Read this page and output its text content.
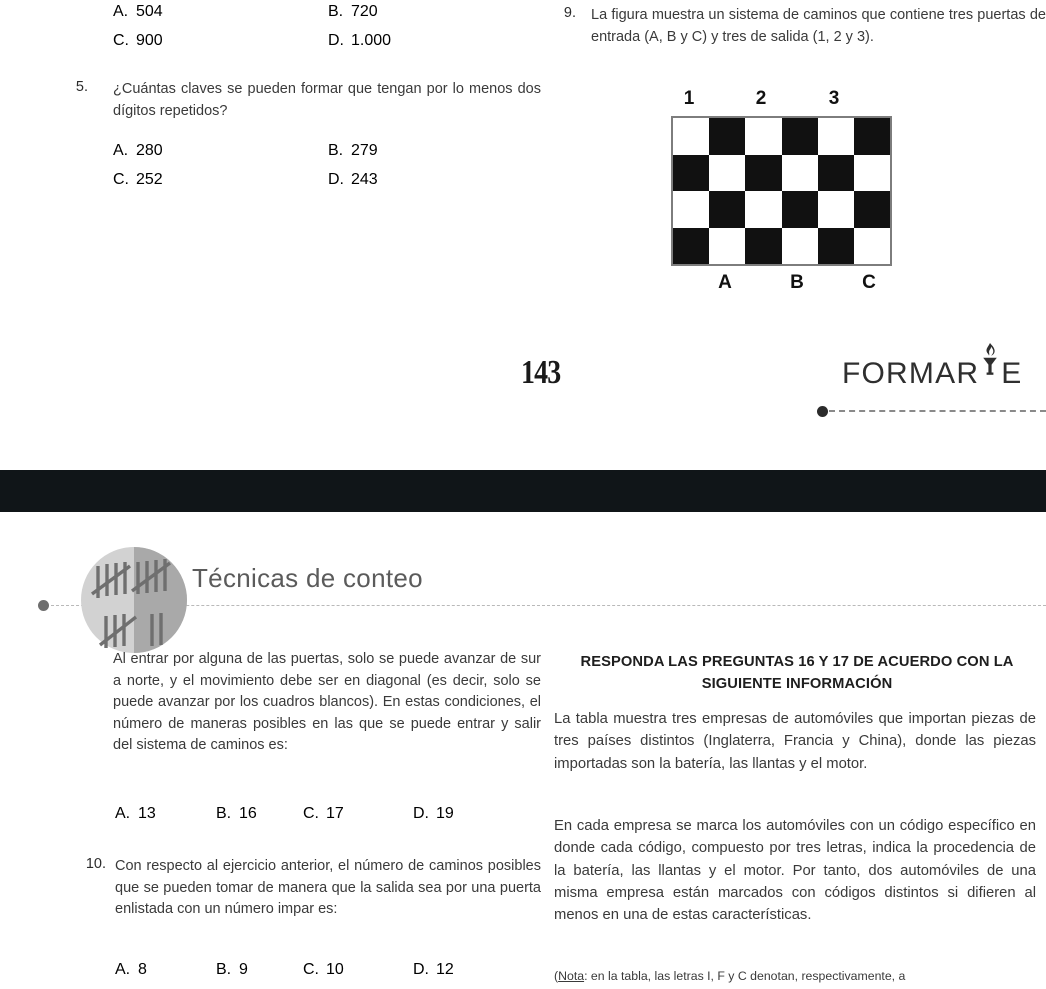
A. 504	B. 720
C. 900	D. 1.000
5. ¿Cuántas claves se pueden formar que tengan por lo menos dos dígitos repetidos?
A. 280	B. 279
C. 252	D. 243
9. La figura muestra un sistema de caminos que contiene tres puertas de entrada (A, B y C) y tres de salida (1, 2 y 3).
1	2	3
A	B	C
143	FORMAR E
Técnicas de conteo
Al entrar por alguna de las puertas, solo se puede avanzar de sur a norte, y el movimiento debe ser en diagonal (es decir, solo se puede avanzar por los cuadros blancos). En estas condiciones, el número de maneras posibles en las que se puede entrar y salir del sistema de caminos es:
A. 13	B. 16	C. 17	D. 19
10. Con respecto al ejercicio anterior, el número de caminos posibles que se pueden tomar de manera que la salida sea por una puerta enlistada con un número impar es:
A. 8	B. 9	C. 10	D. 12
RESPONDA LAS PREGUNTAS 16 Y 17 DE ACUERDO CON LA SIGUIENTE INFORMACIÓN
La tabla muestra tres empresas de automóviles que importan piezas de tres países distintos (Inglaterra, Francia y China), donde las piezas importadas son la batería, las llantas y el motor.
En cada empresa se marca los automóviles con un código específico en donde cada código, compuesto por tres letras, indica la procedencia de la batería, las llantas y el motor. Por tanto, dos automóviles de una misma empresa están marcados con códigos distintos si difieren al menos en una de estas características.
(Nota: en la tabla, las letras I, F y C denotan, respectivamente, a
